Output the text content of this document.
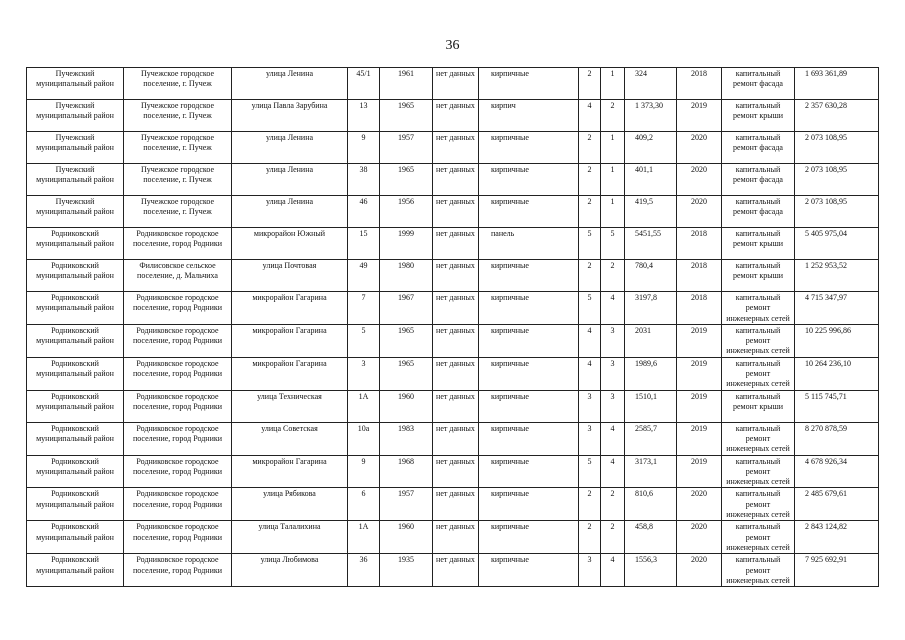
36
Пучежский муниципальный район	Пучежское городское поселение, г. Пучеж	улица Ленина	45/1	1961	нет данных	кирпичные	2	1	324	2018	капитальный ремонт фасада	1 693 361,89
Пучежский муниципальный район	Пучежское городское поселение, г. Пучеж	улица Павла Зарубина	13	1965	нет данных	кирпич	4	2	1 373,30	2019	капитальный ремонт крыши	2 357 630,28
Пучежский муниципальный район	Пучежское городское поселение, г. Пучеж	улица Ленина	9	1957	нет данных	кирпичные	2	1	409,2	2020	капитальный ремонт фасада	2 073 108,95
Пучежский муниципальный район	Пучежское городское поселение, г. Пучеж	улица Ленина	38	1965	нет данных	кирпичные	2	1	401,1	2020	капитальный ремонт фасада	2 073 108,95
Пучежский муниципальный район	Пучежское городское поселение, г. Пучеж	улица Ленина	46	1956	нет данных	кирпичные	2	1	419,5	2020	капитальный ремонт фасада	2 073 108,95
Родниковский муниципальный район	Родниковское городское поселение, город Родники	микрорайон Южный	15	1999	нет данных	панель	5	5	5451,55	2018	капитальный ремонт крыши	5 405 975,04
Родниковский муниципальный район	Филисовское сельское поселение, д. Мальчиха	улица Почтовая	49	1980	нет данных	кирпичные	2	2	780,4	2018	капитальный ремонт крыши	1 252 953,52
Родниковский муниципальный район	Родниковское городское поселение, город Родники	микрорайон Гагарина	7	1967	нет данных	кирпичные	5	4	3197,8	2018	капитальный ремонт инженерных сетей	4 715 347,97
Родниковский муниципальный район	Родниковское городское поселение, город Родники	микрорайон Гагарина	5	1965	нет данных	кирпичные	4	3	2031	2019	капитальный ремонт инженерных сетей	10 225 996,86
Родниковский муниципальный район	Родниковское городское поселение, город Родники	микрорайон Гагарина	3	1965	нет данных	кирпичные	4	3	1989,6	2019	капитальный ремонт инженерных сетей	10 264 236,10
Родниковский муниципальный район	Родниковское городское поселение, город Родники	улица Техническая	1А	1960	нет данных	кирпичные	3	3	1510,1	2019	капитальный ремонт крыши	5 115 745,71
Родниковский муниципальный район	Родниковское городское поселение, город Родники	улица Советская	10а	1983	нет данных	кирпичные	3	4	2585,7	2019	капитальный ремонт инженерных сетей	8 270 878,59
Родниковский муниципальный район	Родниковское городское поселение, город Родники	микрорайон Гагарина	9	1968	нет данных	кирпичные	5	4	3173,1	2019	капитальный ремонт инженерных сетей	4 678 926,34
Родниковский муниципальный район	Родниковское городское поселение, город Родники	улица Рябикова	6	1957	нет данных	кирпичные	2	2	810,6	2020	капитальный ремонт инженерных сетей	2 485 679,61
Родниковский муниципальный район	Родниковское городское поселение, город Родники	улица Талалихина	1А	1960	нет данных	кирпичные	2	2	458,8	2020	капитальный ремонт инженерных сетей	2 843 124,82
Родниковский муниципальный район	Родниковское городское поселение, город Родники	улица Любимова	36	1935	нет данных	кирпичные	3	4	1556,3	2020	капитальный ремонт инженерных сетей	7 925 692,91
